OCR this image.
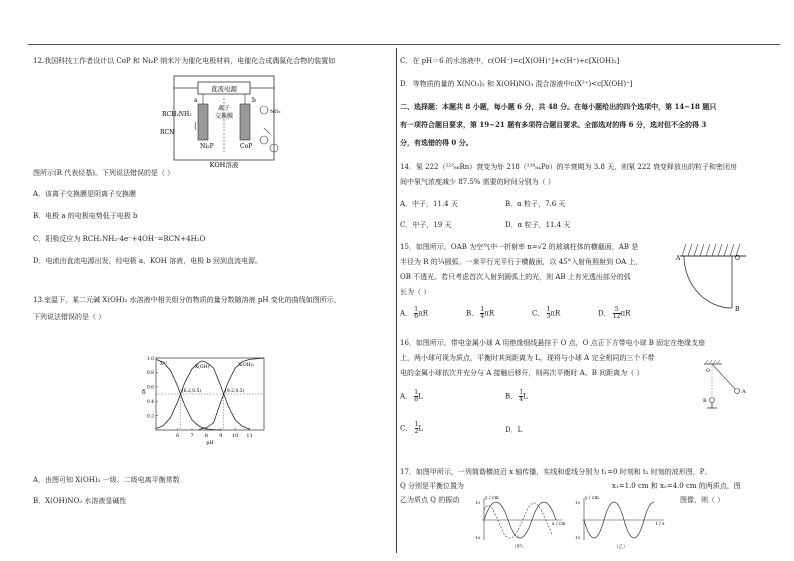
12.我国科技工作者设计以 CoP 和 Ni₂P 纳米片为催化电极材料，电催化合成偶氮化合物的装置如
直流电源
离子
交换膜
a	b
RCH₂NH₂
RCN
Ni₂P	CoP
NO₂
KOH溶液
图所示(R 代表烃基)。下列说法错误的是（ ）
A．该离子交换膜是阴离子交换膜
B．电极 a 的电极电势低于电极 b
C．阳极反应为 RCH₂NH₂-4e⁻+4OH⁻=RCN+4H₂O
D．电流由直流电源出发，经电极 a，KOH 溶液，电极 b 回到直流电源。
13.室温下，某二元碱 X(OH)₂ 水溶液中相关组分的物质的量分数随溶液 pH 变化的曲线如图所示，
下列说法错误的是（ ）
0.2
0.4
0.6
0.8
1.0
6 7 8 9 10 11
pH
δ
X²⁺
X(OH)⁺	X(OH)₂
(6.2,0.5)	(9.2,0.5)
A．由图可知 X(OH)₂ 一级、二级电离平衡常数
B．X(OH)NO₃ 水溶液显碱性
C．在 pH＝6 的水溶液中，c(OH⁻)=c[X(OH)⁺]+c(H⁺)+c[X(OH)₂]
D．等物质的量的 X(NO₃)₂ 和 X(OH)NO₃ 混合溶液中c(X²⁺)<c[X(OH)⁺]
二、选择题：本题共 8 小题，每小题 6 分，共 48 分。在每小题给出的四个选项中，第 14~18 题只
有一项符合题目要求，第 19~21 题有多项符合题目要求。全部选对的得 6 分，选对但不全的得 3
分，有选错的得 0 分。
14．氡 222（²²²₈₆Rn）衰变为钋 218（²¹⁸₈₄Po）的半衰期为 3.8 天，则氡 222 衰变释放出的粒子和密闭房
间中氡气浓度减少 87.5% 需要的时间分别为（ ）
A．中子，11.4 天	B．α 粒子，7.6 天
C．中子，19 天	D．α 粒子，11.4 天
15．如图所示，OAB 为空气中一折射率 n=√2 的玻璃柱体的横截面，AB 是
半径为 R 的¼圆弧。一束平行光平行于横截面，以 45°入射角照射到 OA 上，
OB 不透光。若只考虑首次入射到圆弧上的光，则 AB 上有光透出部分的弧
长为（ ）
A． $\frac{1}{6}$ πR	B． $\frac{1}{4}$ πR	C． $\frac{1}{3}$ πR	D． $\frac{5}{12}$ πR
A	O
B
16．如图所示，带电金属小球 A 用绝缘细线悬挂于 O 点，O 点正下方带电小球 B 固定在绝缘支座
上，两小球可视为质点，平衡时其间距离为 L。现将与小球 A 完全相同的三个不带
电的金属小球依次并充分与 A 接触后移开，则再次平衡时 A、B 间距离为（ ）
A． $\frac{1}{8}$ L	B． $\frac{1}{4}$ L
C． $\frac{1}{2}$ L	D．L
O
A
B
17．如图甲所示，一列简谐横波沿 x 轴传播，实线和虚线分别为 t₁=0 时刻和 t₂ 时刻的波形图，P、
Q 分别是平衡位置为	x₁=1.0 cm 和 x₂=4.0 cm 的两质点，图
乙为质点 Q 的振动	图像，则（ ）
y / cm
10
-10
x / cm
（甲）
y / cm
10
-10
t / s
（乙）
